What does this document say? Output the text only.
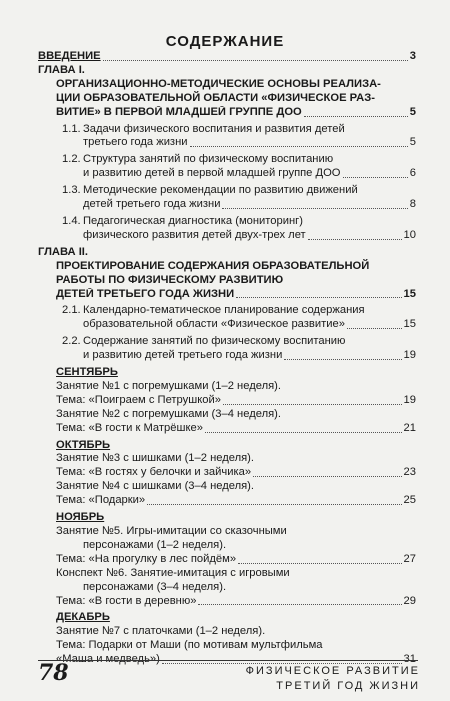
СОДЕРЖАНИЕ
ВВЕДЕНИЕ	3
ГЛАВА I.
ОРГАНИЗАЦИОННО-МЕТОДИЧЕСКИЕ ОСНОВЫ РЕАЛИЗА-
ЦИИ ОБРАЗОВАТЕЛЬНОЙ ОБЛАСТИ «ФИЗИЧЕСКОЕ РАЗ-
ВИТИЕ» В ПЕРВОЙ МЛАДШЕЙ ГРУППЕ ДОО	5
1.1. Задачи физического воспитания и развития детей
третьего года жизни	5
1.2. Структура занятий по физическому воспитанию
и развитию детей в первой младшей группе ДОО	6
1.3. Методические рекомендации по развитию движений
детей третьего года жизни	8
1.4. Педагогическая диагностика (мониторинг)
физического развития детей двух-трех лет	10
ГЛАВА II.
ПРОЕКТИРОВАНИЕ СОДЕРЖАНИЯ ОБРАЗОВАТЕЛЬНОЙ
РАБОТЫ ПО ФИЗИЧЕСКОМУ РАЗВИТИЮ
ДЕТЕЙ ТРЕТЬЕГО ГОДА ЖИЗНИ	15
2.1. Календарно-тематическое планирование содержания
образовательной области «Физическое развитие»	15
2.2. Содержание занятий по физическому воспитанию
и развитию детей третьего года жизни	19
СЕНТЯБРЬ
Занятие №1 с погремушками (1–2 неделя).
Тема: «Поиграем с Петрушкой»	19
Занятие №2 с погремушками (3–4 неделя).
Тема: «В гости к Матрёшке»	21
ОКТЯБРЬ
Занятие №3 с шишками (1–2 неделя).
Тема: «В гостях у белочки и зайчика»	23
Занятие №4 с шишками (3–4 неделя).
Тема: «Подарки»	25
НОЯБРЬ
Занятие №5. Игры-имитации со сказочными
персонажами (1–2 неделя).
Тема: «На прогулку в лес пойдём»	27
Конспект №6. Занятие-имитация с игровыми
персонажами (3–4 неделя).
Тема: «В гости в деревню»	29
ДЕКАБРЬ
Занятие №7 с платочками (1–2 неделя).
Тема: Подарки от Маши (по мотивам мультфильма
«Маша и медведь»)	31
78	ФИЗИЧЕСКОЕ РАЗВИТИЕ
ТРЕТИЙ ГОД ЖИЗНИ
